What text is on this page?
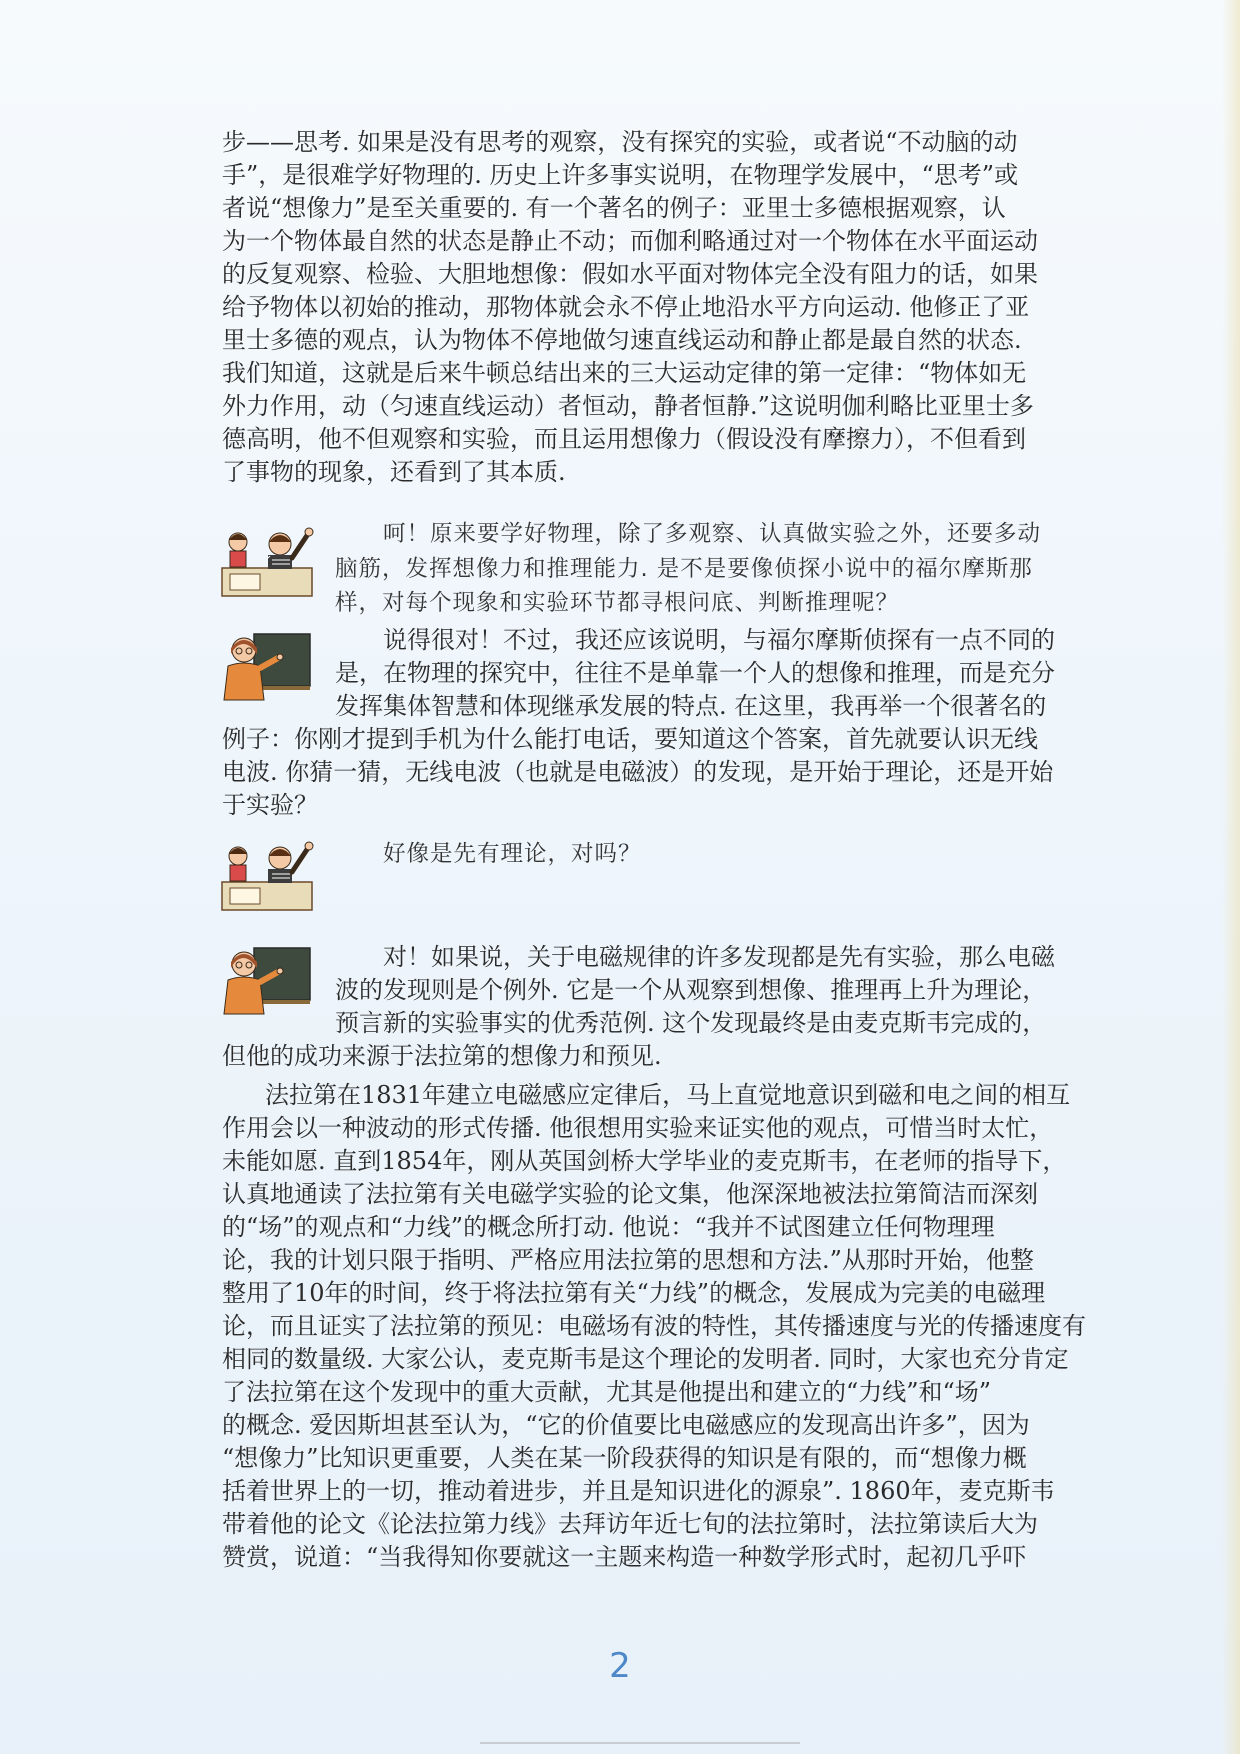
步——思考. 如果是没有思考的观察，没有探究的实验，或者说“不动脑的动
手”，是很难学好物理的. 历史上许多事实说明，在物理学发展中，“思考”或
者说“想像力”是至关重要的. 有一个著名的例子：亚里士多德根据观察，认
为一个物体最自然的状态是静止不动；而伽利略通过对一个物体在水平面运动
的反复观察、检验、大胆地想像：假如水平面对物体完全没有阻力的话，如果
给予物体以初始的推动，那物体就会永不停止地沿水平方向运动. 他修正了亚
里士多德的观点，认为物体不停地做匀速直线运动和静止都是最自然的状态.
我们知道，这就是后来牛顿总结出来的三大运动定律的第一定律：“物体如无
外力作用，动（匀速直线运动）者恒动，静者恒静.”这说明伽利略比亚里士多
德高明，他不但观察和实验，而且运用想像力（假设没有摩擦力），不但看到
了事物的现象，还看到了其本质.
呵！原来要学好物理，除了多观察、认真做实验之外，还要多动
脑筋，发挥想像力和推理能力. 是不是要像侦探小说中的福尔摩斯那
样，对每个现象和实验环节都寻根问底、判断推理呢？
说得很对！不过，我还应该说明，与福尔摩斯侦探有一点不同的
是，在物理的探究中，往往不是单靠一个人的想像和推理，而是充分
发挥集体智慧和体现继承发展的特点. 在这里，我再举一个很著名的
例子：你刚才提到手机为什么能打电话，要知道这个答案，首先就要认识无线
电波. 你猜一猜，无线电波（也就是电磁波）的发现，是开始于理论，还是开始
于实验？
好像是先有理论，对吗？
对！如果说，关于电磁规律的许多发现都是先有实验，那么电磁
波的发现则是个例外. 它是一个从观察到想像、推理再上升为理论，
预言新的实验事实的优秀范例. 这个发现最终是由麦克斯韦完成的，
但他的成功来源于法拉第的想像力和预见.
法拉第在1831年建立电磁感应定律后，马上直觉地意识到磁和电之间的相互
作用会以一种波动的形式传播. 他很想用实验来证实他的观点，可惜当时太忙，
未能如愿. 直到1854年，刚从英国剑桥大学毕业的麦克斯韦，在老师的指导下，
认真地通读了法拉第有关电磁学实验的论文集，他深深地被法拉第简洁而深刻
的“场”的观点和“力线”的概念所打动. 他说：“我并不试图建立任何物理理
论，我的计划只限于指明、严格应用法拉第的思想和方法.”从那时开始，他整
整用了10年的时间，终于将法拉第有关“力线”的概念，发展成为完美的电磁理
论，而且证实了法拉第的预见：电磁场有波的特性，其传播速度与光的传播速度有
相同的数量级. 大家公认，麦克斯韦是这个理论的发明者. 同时，大家也充分肯定
了法拉第在这个发现中的重大贡献，尤其是他提出和建立的“力线”和“场”
的概念. 爱因斯坦甚至认为，“它的价值要比电磁感应的发现高出许多”，因为
“想像力”比知识更重要，人类在某一阶段获得的知识是有限的，而“想像力概
括着世界上的一切，推动着进步，并且是知识进化的源泉”. 1860年，麦克斯韦
带着他的论文《论法拉第力线》去拜访年近七旬的法拉第时，法拉第读后大为
赞赏，说道：“当我得知你要就这一主题来构造一种数学形式时，起初几乎吓
2
